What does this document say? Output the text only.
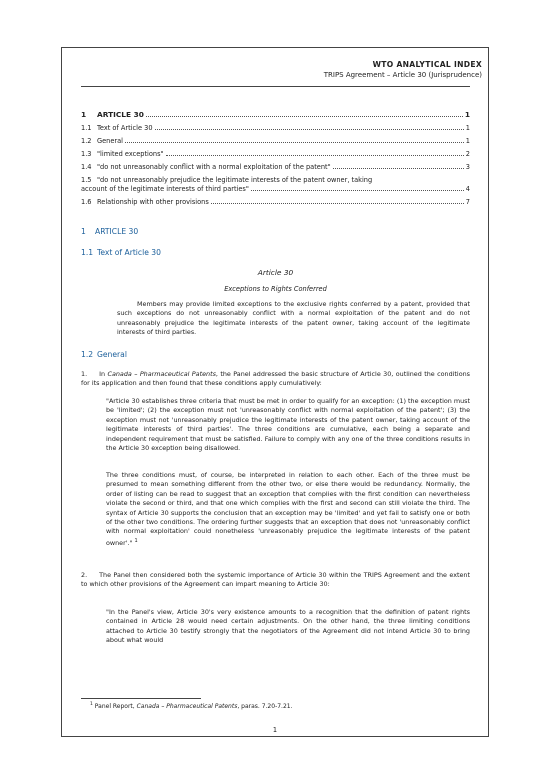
WTO ANALYTICAL INDEX
TRIPS Agreement – Article 30 (Jurisprudence)
1	ARTICLE 30	1
1.1 Text of Article 30	1
1.2 General	1
1.3 "limited exceptions"	2
1.4 "do not unreasonably conflict with a normal exploitation of the patent"	3
1.5 "do not unreasonably prejudice the legitimate interests of the patent owner, taking
account of the legitimate interests of third parties"	4
1.6 Relationship with other provisions	7
1 ARTICLE 30
1.1 Text of Article 30
Article 30
Exceptions to Rights Conferred
Members may provide limited exceptions to the exclusive rights conferred by a patent, provided that such exceptions do not unreasonably conflict with a normal exploitation of the patent and do not unreasonably prejudice the legitimate interests of the patent owner, taking account of the legitimate interests of third parties.
1.2 General
1. In Canada – Pharmaceutical Patents, the Panel addressed the basic structure of Article 30, outlined the conditions for its application and then found that these conditions apply cumulatively:
"Article 30 establishes three criteria that must be met in order to qualify for an exception: (1) the exception must be 'limited'; (2) the exception must not 'unreasonably conflict with normal exploitation of the patent'; (3) the exception must not 'unreasonably prejudice the legitimate interests of the patent owner, taking account of the legitimate interests of third parties'. The three conditions are cumulative, each being a separate and independent requirement that must be satisfied. Failure to comply with any one of the three conditions results in the Article 30 exception being disallowed.
The three conditions must, of course, be interpreted in relation to each other. Each of the three must be presumed to mean something different from the other two, or else there would be redundancy. Normally, the order of listing can be read to suggest that an exception that complies with the first condition can nevertheless violate the second or third, and that one which complies with the first and second can still violate the third. The syntax of Article 30 supports the conclusion that an exception may be 'limited' and yet fail to satisfy one or both of the other two conditions. The ordering further suggests that an exception that does not 'unreasonably conflict with normal exploitation' could nonetheless 'unreasonably prejudice the legitimate interests of the patent owner'." $^1$
2. The Panel then considered both the systemic importance of Article 30 within the TRIPS Agreement and the extent to which other provisions of the Agreement can impart meaning to Article 30:
"In the Panel's view, Article 30's very existence amounts to a recognition that the definition of patent rights contained in Article 28 would need certain adjustments. On the other hand, the three limiting conditions attached to Article 30 testify strongly that the negotiators of the Agreement did not intend Article 30 to bring about what would
$^1$ Panel Report, Canada – Pharmaceutical Patents, paras. 7.20-7.21.
1
